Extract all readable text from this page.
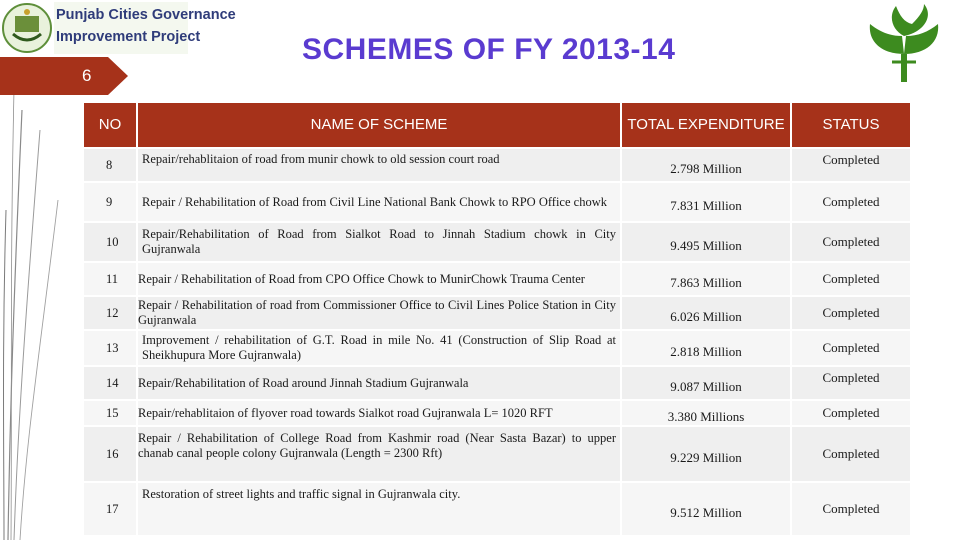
Punjab Cities Governance
Improvement Project
6
SCHEMES OF FY 2013-14
NO	NAME OF SCHEME	TOTAL EXPENDITURE	STATUS
8	Repair/rehablitaion of road from munir chowk to old session court road	2.798 Million	Completed
9	Repair / Rehabilitation of Road from Civil Line National Bank Chowk to RPO Office chowk	7.831 Million	Completed
10	Repair/Rehabilitation of Road from Sialkot Road to Jinnah Stadium chowk in City Gujranwala	9.495 Million	Completed
11	Repair / Rehabilitation of Road from CPO Office Chowk to MunirChowk Trauma Center	7.863 Million	Completed
12	Repair / Rehabilitation of road from Commissioner Office to Civil Lines Police Station in City Gujranwala	6.026 Million	Completed
13	Improvement / rehabilitation of G.T. Road in mile No. 41 (Construction of Slip Road at Sheikhupura More Gujranwala)	2.818 Million	Completed
14	Repair/Rehabilitation of Road around Jinnah Stadium Gujranwala	9.087 Million	Completed
15	Repair/rehablitaion of flyover road towards Sialkot road Gujranwala L= 1020 RFT	3.380 Millions	Completed
16	Repair / Rehabilitation of College Road from Kashmir road (Near Sasta Bazar) to upper chanab canal people colony Gujranwala (Length = 2300 Rft)	9.229 Million	Completed
17	Restoration of street lights and traffic signal in Gujranwala city.	9.512 Million	Completed
